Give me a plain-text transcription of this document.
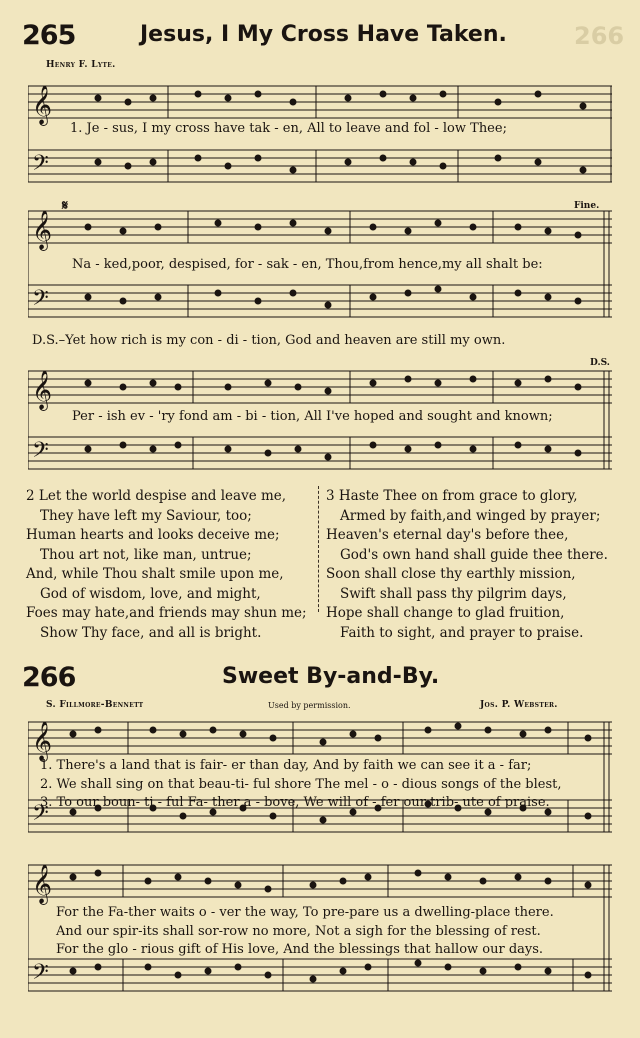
265	Jesus, I My Cross Have Taken.	266
Henry F. Lyte.
𝄞
𝄢
1. Je - sus, I my cross have tak - en, All to leave and fol - low Thee;
𝄞
𝄢
𝄋	Fine.
Na - ked,poor, despised, for - sak - en, Thou,from hence,my all shalt be:
D.S.–Yet how rich is my con - di - tion, God and heaven are still my own.
𝄞
𝄢
D.S.
Per - ish ev - 'ry fond am - bi - tion, All I've hoped and sought and known;
2 Let the world despise and leave me,
They have left my Saviour, too;
Human hearts and looks deceive me;
Thou art not, like man, untrue;
And, while Thou shalt smile upon me,
God of wisdom, love, and might,
Foes may hate,and friends may shun me;
Show Thy face, and all is bright.
3 Haste Thee on from grace to glory,
Armed by faith,and winged by prayer;
Heaven's eternal day's before thee,
God's own hand shall guide thee there.
Soon shall close thy earthly mission,
Swift shall pass thy pilgrim days,
Hope shall change to glad fruition,
Faith to sight, and prayer to praise.
266	Sweet By-and-By.
S. Fillmore-Bennett	Used by permission.	Jos. P. Webster.
𝄞
𝄢
1. There's a land that is fair- er than day, And by faith we can see it a - far;
2. We shall sing on that beau-ti- ful shore The mel - o - dious songs of the blest,
3. To our boun- ti - ful Fa- ther a - bove, We will of - fer our trib- ute of praise.
𝄞
𝄢
For the Fa-ther waits o - ver the way, To pre-pare us a dwelling-place there.
And our spir-its shall sor-row no more, Not a sigh for the blessing of rest.
For the glo - rious gift of His love, And the blessings that hallow our days.
